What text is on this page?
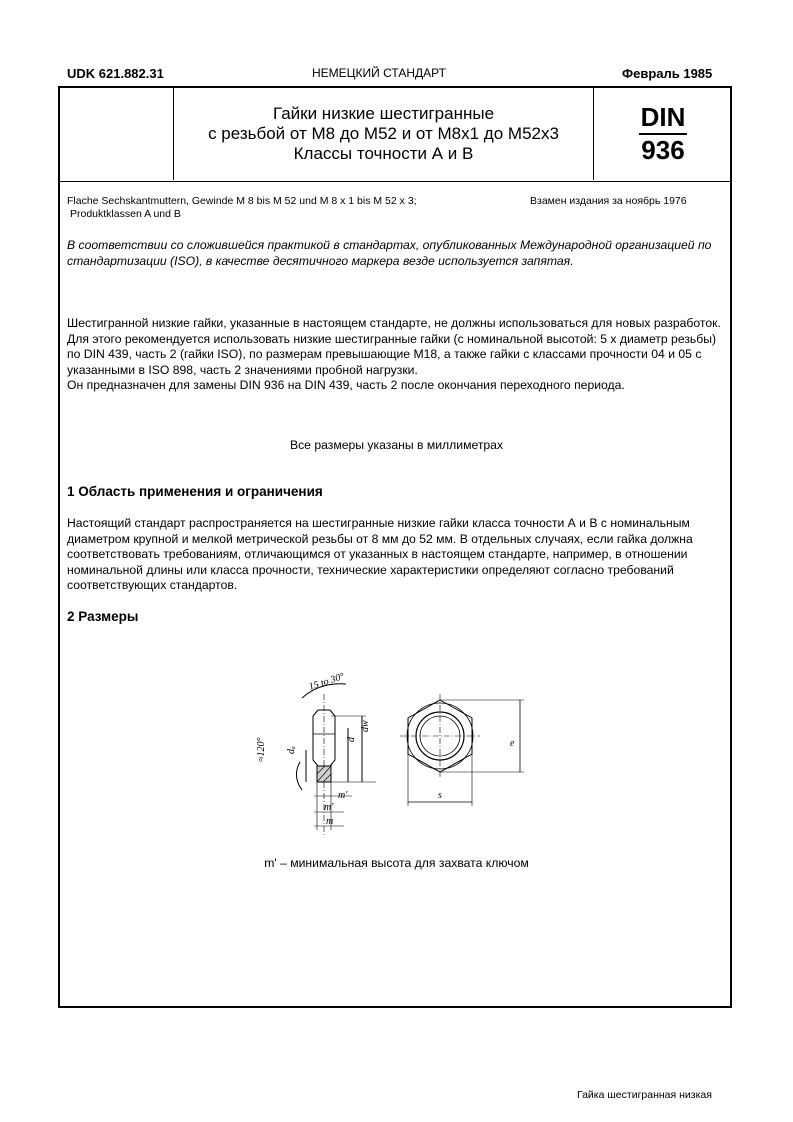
UDK 621.882.31	НЕМЕЦКИЙ СТАНДАРТ	Февраль 1985
Гайки низкие шестигранные
с резьбой от М8 до М52 и от М8х1 до М52х3
Классы точности А и В
DIN
936
Flache Sechskantmuttern, Gewinde M 8 bis M 52 und M 8 x 1 bis M 52 x 3;
Produktklassen A und B
Взамен издания за ноябрь 1976
В соответствии со сложившейся практикой в стандартах, опубликованных Международной организацией по стандартизации (ISO), в качестве десятичного маркера везде используется запятая.

Шестигранной низкие гайки, указанные в настоящем стандарте, не должны использоваться для новых разработок. Для этого рекомендуется использовать низкие шестигранные гайки (с номинальной высотой: 5 х диаметр резьбы) по DIN 439, часть 2 (гайки ISO), по размерам превышающие М18, а также гайки с классами прочности 04 и 05 с указанными в ISO 898, часть 2 значениями пробной нагрузки.

Он предназначен для замены DIN 936 на DIN 439, часть 2 после окончания переходного периода.

Все размеры указаны в миллиметрах
1 Область применения и ограничения
Настоящий стандарт распространяется на шестигранные низкие гайки класса точности А и В с номинальным диаметром крупной и мелкой метрической резьбы от 8 мм до 52 мм. В отдельных случаях, если гайка должна соответствовать требованиям, отличающимся от указанных в настоящем стандарте, например, в отношении номинальной длины или класса прочности, технические характеристики определяют согласно требований соответствующих стандартов.
2 Размеры
15 to 30°
≈120° dₐ
d
dw
m'
m'
m
e
s
m' – минимальная высота для захвата ключом
Гайка шестигранная низкая
